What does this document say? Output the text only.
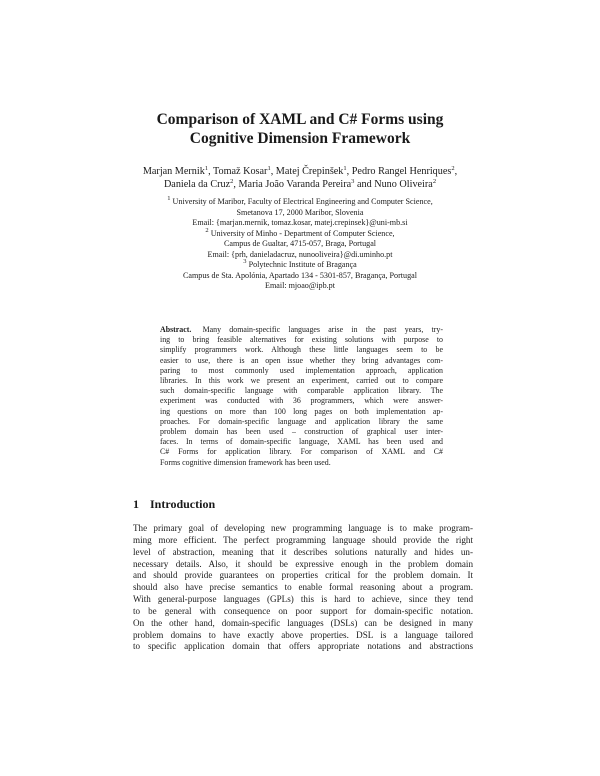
Comparison of XAML and C# Forms using
Cognitive Dimension Framework
Marjan Mernik$^1$, Tomaž Kosar$^1$, Matej Črepinšek$^1$, Pedro Rangel Henriques$^2$,
Daniela da Cruz$^2$, Maria João Varanda Pereira$^3$ and Nuno Oliveira$^2$
$^1$ University of Maribor, Faculty of Electrical Engineering and Computer Science,
Smetanova 17, 2000 Maribor, Slovenia
Email: {marjan.mernik, tomaz.kosar, matej.crepinsek}@uni-mb.si
$^2$ University of Minho - Department of Computer Science,
Campus de Gualtar, 4715-057, Braga, Portugal
Email: {prh, danieladacruz, nunooliveira}@di.uminho.pt
$^3$ Polytechnic Institute of Bragança
Campus de Sta. Apolónia, Apartado 134 - 5301-857, Bragança, Portugal
Email: mjoao@ipb.pt
Abstract. Many domain-specific languages arise in the past years, try-
ing to bring feasible alternatives for existing solutions with purpose to
simplify programmers work. Although these little languages seem to be
easier to use, there is an open issue whether they bring advantages com-
paring to most commonly used implementation approach, application
libraries. In this work we present an experiment, carried out to compare
such domain-specific language with comparable application library. The
experiment was conducted with 36 programmers, which were answer-
ing questions on more than 100 long pages on both implementation ap-
proaches. For domain-specific language and application library the same
problem domain has been used – construction of graphical user inter-
faces. In terms of domain-specific language, XAML has been used and
C# Forms for application library. For comparison of XAML and C#
Forms cognitive dimension framework has been used.
1 Introduction
The primary goal of developing new programming language is to make program-
ming more efficient. The perfect programming language should provide the right
level of abstraction, meaning that it describes solutions naturally and hides un-
necessary details. Also, it should be expressive enough in the problem domain
and should provide guarantees on properties critical for the problem domain. It
should also have precise semantics to enable formal reasoning about a program.
With general-purpose languages (GPLs) this is hard to achieve, since they tend
to be general with consequence on poor support for domain-specific notation.
On the other hand, domain-specific languages (DSLs) can be designed in many
problem domains to have exactly above properties. DSL is a language tailored
to specific application domain that offers appropriate notations and abstractions
